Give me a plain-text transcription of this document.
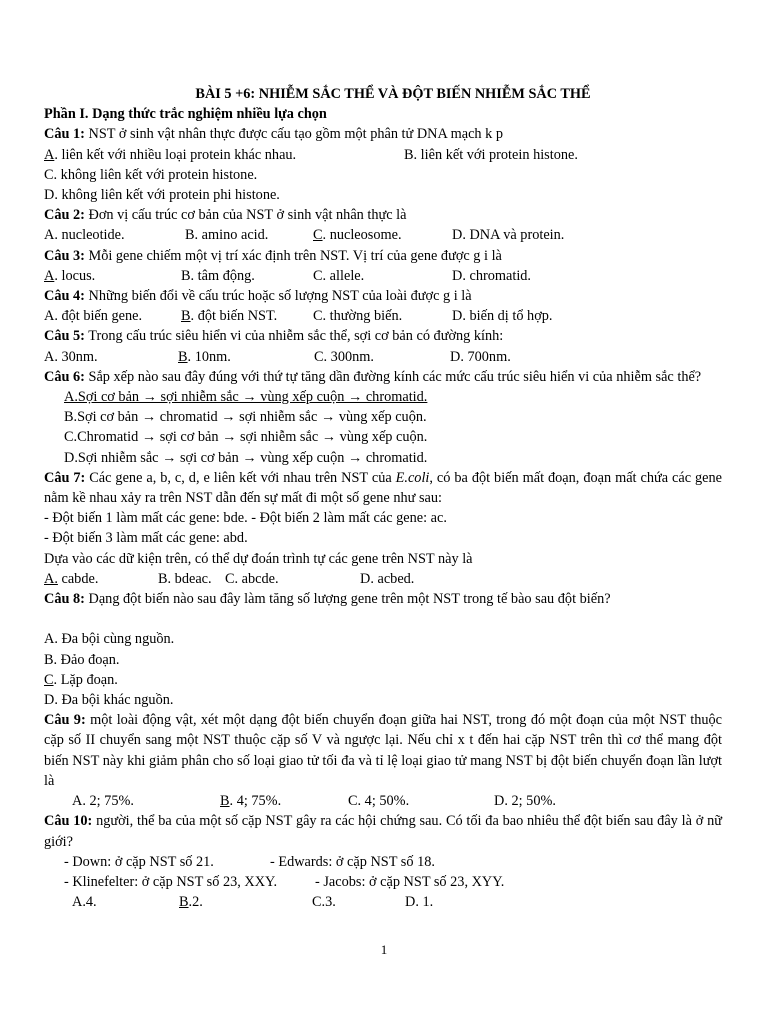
BÀI 5 +6: NHIỄM SẮC THỂ VÀ ĐỘT BIẾN NHIỄM SẮC THỂ

Phần I. Dạng thức trắc nghiệm nhiều lựa chọn

Câu 1: NST ở sinh vật nhân thực được cấu tạo gồm một phân tử DNA mạch k p

A. liên kết với nhiều loại protein khác nhau.	B. liên kết với protein histone.

C. không liên kết với protein histone.

D. không liên kết với protein phi histone.

Câu 2: Đơn vị cấu trúc cơ bản của NST ở sinh vật nhân thực là

A. nucleotide.	B. amino acid.	C. nucleosome.	D. DNA và protein.

Câu 3: Mỗi gene chiếm một vị trí xác định trên NST. Vị trí của gene được g i là

A. locus.	B. tâm động.	C. allele.	D. chromatid.

Câu 4: Những biến đổi về cấu trúc hoặc số lượng NST của loài được g i là

A. đột biến gene.	B. đột biến NST.	C. thường biến.	D. biến dị tổ hợp.

Câu 5: Trong cấu trúc siêu hiển vi của nhiễm sắc thể, sợi cơ bản có đường kính:

A. 30nm.	B. 10nm.	C. 300nm.	D. 700nm.

Câu 6: Sắp xếp nào sau đây đúng với thứ tự tăng dần đường kính các mức cấu trúc siêu hiển vi của nhiễm sắc thể?

A.Sợi cơ bản → sợi nhiễm sắc → vùng xếp cuộn → chromatid.

B.Sợi cơ bản → chromatid → sợi nhiễm sắc → vùng xếp cuộn.

C.Chromatid → sợi cơ bản → sợi nhiễm sắc → vùng xếp cuộn.

D.Sợi nhiễm sắc → sợi cơ bản → vùng xếp cuộn → chromatid.

Câu 7: Các gene a, b, c, d, e liên kết với nhau trên NST của E.coli, có ba đột biến mất đoạn, đoạn mất chứa các gene nằm kề nhau xảy ra trên NST dẫn đến sự mất đi một số gene như sau:

- Đột biến 1 làm mất các gene: bde. - Đột biến 2 làm mất các gene: ac.

- Đột biến 3 làm mất các gene: abd.

Dựa vào các dữ kiện trên, có thể dự đoán trình tự các gene trên NST này là

A. cabde.	B. bdeac. C. abcde.	D. acbed.

Câu 8: Dạng đột biến nào sau đây làm tăng số lượng gene trên một NST trong tế bào sau đột biến?

A. Đa bội cùng nguồn.

B. Đảo đoạn.

C. Lặp đoạn.

D. Đa bội khác nguồn.

Câu 9: một loài động vật, xét một dạng đột biến chuyển đoạn giữa hai NST, trong đó một đoạn của một NST thuộc cặp số II chuyển sang một NST thuộc cặp số V và ngược lại. Nếu chỉ x t đến hai cặp NST trên thì cơ thể mang đột biến NST này khi giảm phân cho số loại giao tử tối đa và tỉ lệ loại giao tử mang NST bị đột biến chuyển đoạn lần lượt là

A. 2; 75%.	B. 4; 75%.	C. 4; 50%.	D. 2; 50%.

Câu 10: người, thể ba của một số cặp NST gây ra các hội chứng sau. Có tối đa bao nhiêu thể đột biến sau đây là ở nữ giới?

- Down: ở cặp NST số 21.	- Edwards: ở cặp NST số 18.
- Klinefelter: ở cặp NST số 23, XXY.	- Jacobs: ở cặp NST số 23, XYY.
A.4.	B.2.	C.3.	D. 1.
1
